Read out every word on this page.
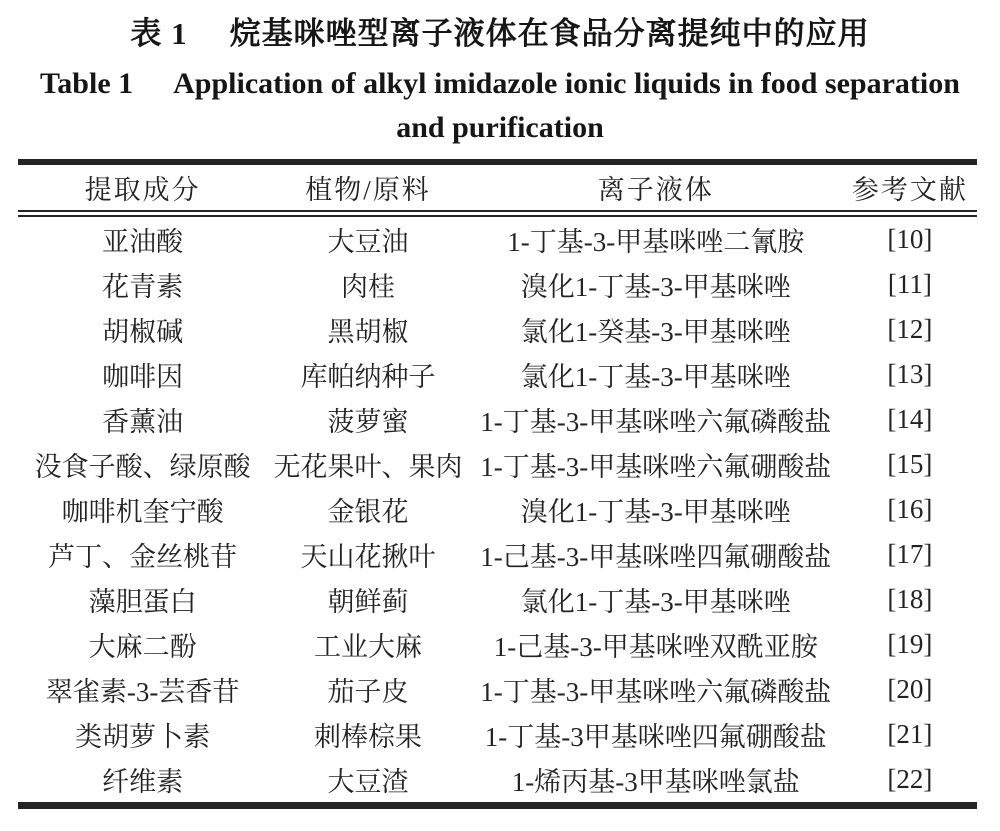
表 1 烷基咪唑型离子液体在食品分离提纯中的应用
Table 1 Application of alkyl imidazole ionic liquids in food separation
and purification
提取成分	植物/原料	离子液体	参考文献
亚油酸	大豆油	1-丁基-3-甲基咪唑二氰胺	[10]
花青素	肉桂	溴化1-丁基-3-甲基咪唑	[11]
胡椒碱	黑胡椒	氯化1-癸基-3-甲基咪唑	[12]
咖啡因	库帕纳种子	氯化1-丁基-3-甲基咪唑	[13]
香薰油	菠萝蜜	1-丁基-3-甲基咪唑六氟磷酸盐	[14]
没食子酸、绿原酸	无花果叶、果肉	1-丁基-3-甲基咪唑六氟硼酸盐	[15]
咖啡机奎宁酸	金银花	溴化1-丁基-3-甲基咪唑	[16]
芦丁、金丝桃苷	天山花揪叶	1-己基-3-甲基咪唑四氟硼酸盐	[17]
藻胆蛋白	朝鲜蓟	氯化1-丁基-3-甲基咪唑	[18]
大麻二酚	工业大麻	1-己基-3-甲基咪唑双酰亚胺	[19]
翠雀素-3-芸香苷	茄子皮	1-丁基-3-甲基咪唑六氟磷酸盐	[20]
类胡萝卜素	刺棒棕果	1-丁基-3甲基咪唑四氟硼酸盐	[21]
纤维素	大豆渣	1-烯丙基-3甲基咪唑氯盐	[22]
